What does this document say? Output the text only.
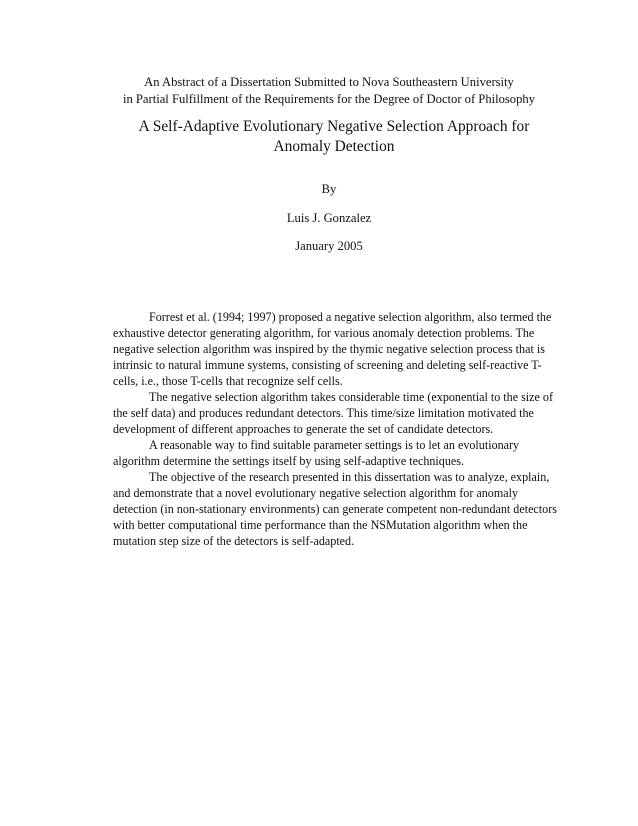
An Abstract of a Dissertation Submitted to Nova Southeastern University
in Partial Fulfillment of the Requirements for the Degree of Doctor of Philosophy
A Self-Adaptive Evolutionary Negative Selection Approach for Anomaly Detection
By
Luis J. Gonzalez
January 2005

Forrest et al. (1994; 1997) proposed a negative selection algorithm, also termed the exhaustive detector generating algorithm, for various anomaly detection problems. The negative selection algorithm was inspired by the thymic negative selection process that is intrinsic to natural immune systems, consisting of screening and deleting self-reactive T-cells, i.e., those T-cells that recognize self cells.

The negative selection algorithm takes considerable time (exponential to the size of the self data) and produces redundant detectors. This time/size limitation motivated the development of different approaches to generate the set of candidate detectors.

A reasonable way to find suitable parameter settings is to let an evolutionary algorithm determine the settings itself by using self-adaptive techniques.

The objective of the research presented in this dissertation was to analyze, explain, and demonstrate that a novel evolutionary negative selection algorithm for anomaly detection (in non-stationary environments) can generate competent non-redundant detectors with better computational time performance than the NSMutation algorithm when the mutation step size of the detectors is self-adapted.
